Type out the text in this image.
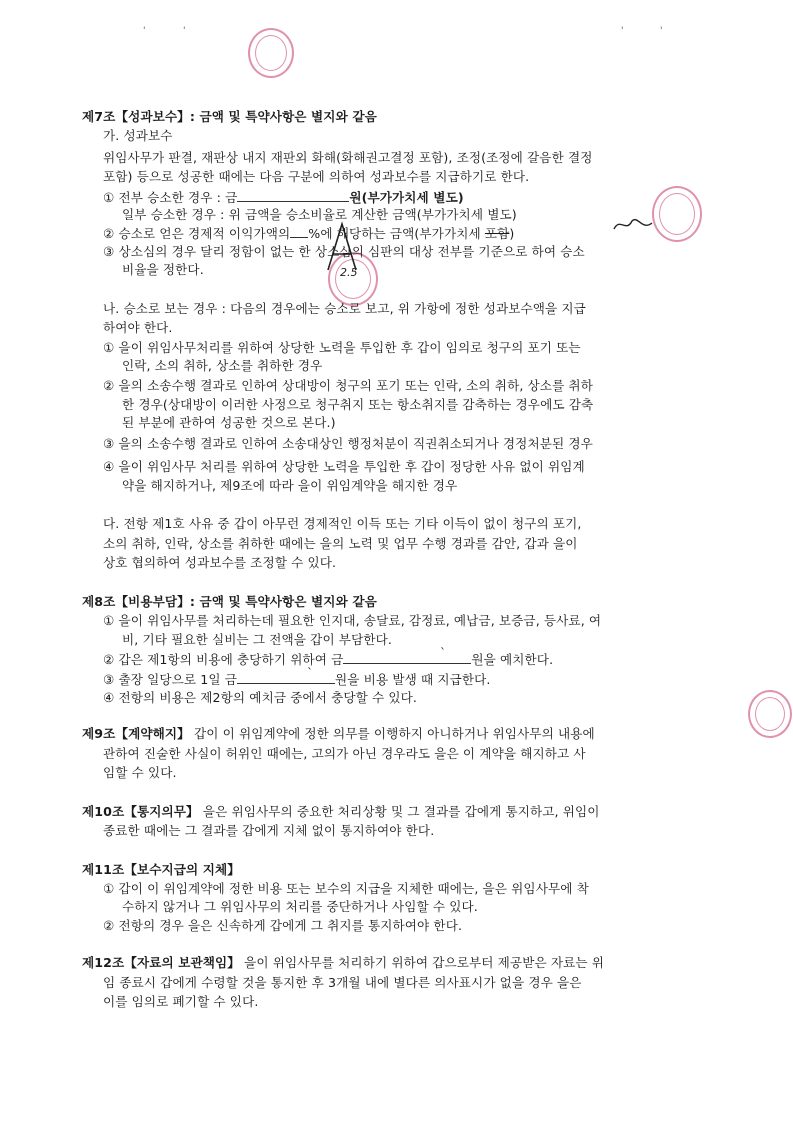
'	'	'	'
2.5
ˋ
ˋ
제7조【성과보수】: 금액 및 특약사항은 별지와 같음
가. 성과보수
위임사무가 판결, 재판상 내지 재판외 화해(화해권고결정 포함), 조정(조정에 갈음한 결정
포함) 등으로 성공한 때에는 다음 구분에 의하여 성과보수를 지급하기로 한다.
① 전부 승소한 경우 : 금	원(부가가치세 별도)
일부 승소한 경우 : 위 금액을 승소비율로 계산한 금액(부가가치세 별도)
② 승소로 얻은 경제적 이익가액의 %에 해당하는 금액(부가가치세 포함)
③ 상소심의 경우 달리 정함이 없는 한 상소심의 심판의 대상 전부를 기준으로 하여 승소
비율을 정한다.
나. 승소로 보는 경우 : 다음의 경우에는 승소로 보고, 위 가항에 정한 성과보수액을 지급
하여야 한다.
① 을이 위임사무처리를 위하여 상당한 노력을 투입한 후 갑이 임의로 청구의 포기 또는
인락, 소의 취하, 상소를 취하한 경우
② 을의 소송수행 결과로 인하여 상대방이 청구의 포기 또는 인락, 소의 취하, 상소를 취하
한 경우(상대방이 이러한 사정으로 청구취지 또는 항소취지를 감축하는 경우에도 감축
된 부분에 관하여 성공한 것으로 본다.)
③ 을의 소송수행 결과로 인하여 소송대상인 행정처분이 직권취소되거나 경정처분된 경우
④ 을이 위임사무 처리를 위하여 상당한 노력을 투입한 후 갑이 정당한 사유 없이 위임계
약을 해지하거나, 제9조에 따라 을이 위임계약을 해지한 경우
다. 전항 제1호 사유 중 갑이 아무런 경제적인 이득 또는 기타 이득이 없이 청구의 포기,
소의 취하, 인락, 상소를 취하한 때에는 을의 노력 및 업무 수행 경과를 감안, 갑과 을이
상호 협의하여 성과보수를 조정할 수 있다.
제8조【비용부담】: 금액 및 특약사항은 별지와 같음
① 을이 위임사무를 처리하는데 필요한 인지대, 송달료, 감정료, 예납금, 보증금, 등사료, 여
비, 기타 필요한 실비는 그 전액을 갑이 부담한다.
② 갑은 제1항의 비용에 충당하기 위하여 금	원을 예치한다.
③ 출장 일당으로 1일 금	원을 비용 발생 때 지급한다.
④ 전항의 비용은 제2항의 예치금 중에서 충당할 수 있다.
제9조【계약해지】 갑이 이 위임계약에 정한 의무를 이행하지 아니하거나 위임사무의 내용에
관하여 진술한 사실이 허위인 때에는, 고의가 아닌 경우라도 을은 이 계약을 해지하고 사
임할 수 있다.
제10조【통지의무】 을은 위임사무의 중요한 처리상황 및 그 결과를 갑에게 통지하고, 위임이
종료한 때에는 그 결과를 갑에게 지체 없이 통지하여야 한다.
제11조【보수지급의 지체】
① 갑이 이 위임계약에 정한 비용 또는 보수의 지급을 지체한 때에는, 을은 위임사무에 착
수하지 않거나 그 위임사무의 처리를 중단하거나 사임할 수 있다.
② 전항의 경우 을은 신속하게 갑에게 그 취지를 통지하여야 한다.
제12조【자료의 보관책임】 을이 위임사무를 처리하기 위하여 갑으로부터 제공받은 자료는 위
임 종료시 갑에게 수령할 것을 통지한 후 3개월 내에 별다른 의사표시가 없을 경우 을은
이를 임의로 폐기할 수 있다.
